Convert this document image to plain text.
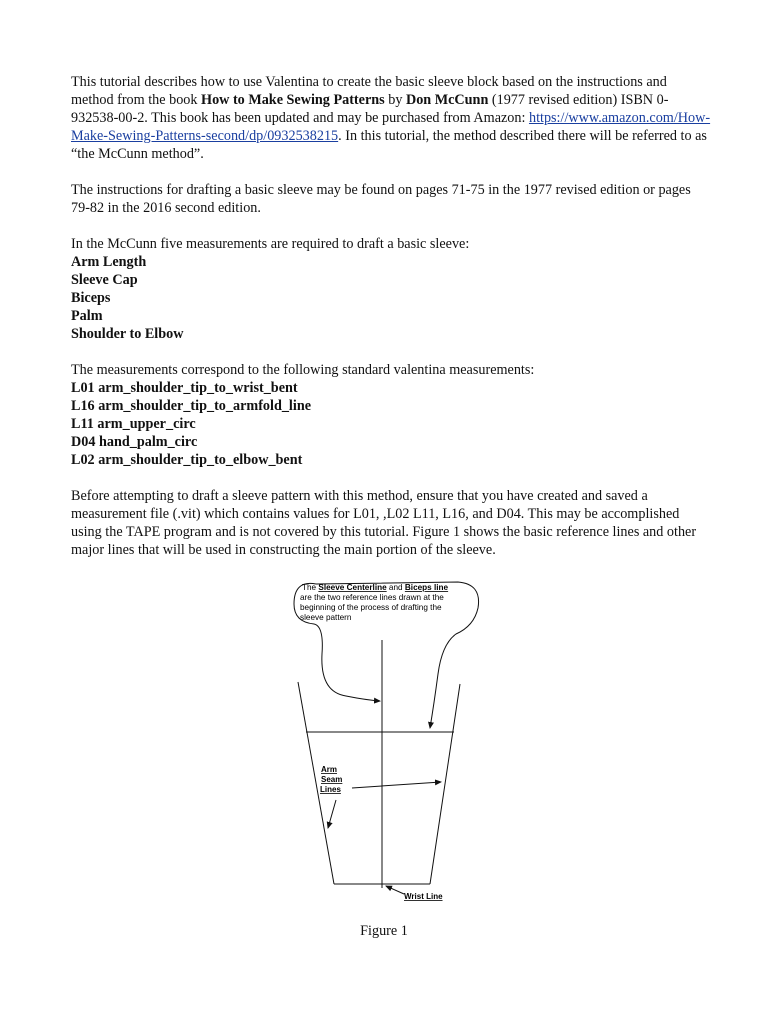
This tutorial describes how to use Valentina to create the basic sleeve block based on the instructions and method from the book How to Make Sewing Patterns by Don McCunn (1977 revised edition) ISBN 0-932538-00-2. This book has been updated and may be purchased from Amazon: https://www.amazon.com/How-Make-Sewing-Patterns-second/dp/0932538215. In this tutorial, the method described there will be referred to as “the McCunn method”.

The instructions for drafting a basic sleeve may be found on pages 71-75 in the 1977 revised edition or pages 79-82 in the 2016 second edition.

In the McCunn five measurements are required to draft a basic sleeve:
Arm Length
Sleeve Cap
Biceps
Palm
Shoulder to Elbow
The measurements correspond to the following standard valentina measurements:
L01 arm_shoulder_tip_to_wrist_bent
L16 arm_shoulder_tip_to_armfold_line
L11 arm_upper_circ
D04 hand_palm_circ
L02 arm_shoulder_tip_to_elbow_bent

Before attempting to draft a sleeve pattern with this method, ensure that you have created and saved a measurement file (.vit) which contains values for L01, ,L02 L11, L16, and D04. This may be accomplished using the TAPE program and is not covered by this tutorial. Figure 1 shows the basic reference lines and other major lines that will be used in constructing the main portion of the sleeve.

The Sleeve Centerline and Biceps line
are the two reference lines drawn at the
beginning of the process of drafting the
sleeve pattern
Arm
Seam
Lines
Wrist Line
Figure 1
